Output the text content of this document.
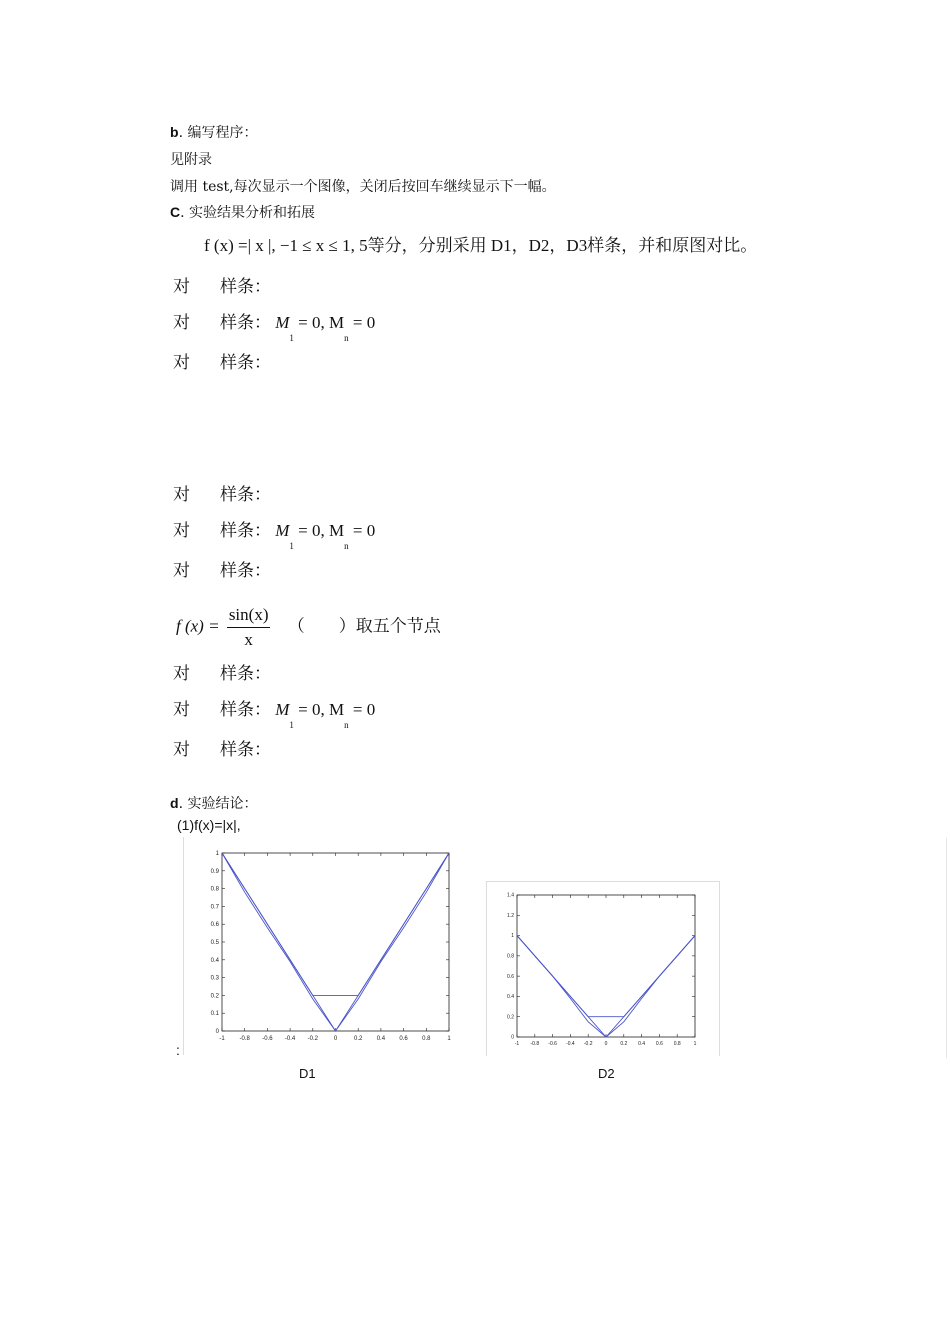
b. 编写程序：
见附录
调用 test,每次显示一个图像，关闭后按回车继续显示下一幅。
C. 实验结果分析和拓展
f (x) =| x |, −1 ≤ x ≤ 1, 5等分，分别采用 D1，D2，D3样条，并和原图对比。
对 样条：
对 样条： $M_1 = 0$, $M_n = 0$
对 样条：
对 样条：
对 样条： $M_1 = 0$, $M_n = 0$
对 样条：
f $(x) = \frac{\sin(x)}{x}$ （　　）取五个节点
对 样条：
对 样条： $M_1 = 0$, $M_n = 0$
对 样条：
d. 实验结论：
(1)f(x)=|x|,
:
-1 -0.8 -0.6 -0.4 -0.2	0	0.2 0.4 0.6 0.8	1
0
0.1
0.2
0.3
0.4
0.5
0.6
0.7
0.8
0.9
1
D1
-1 -0.8 -0.6 -0.4 -0.2 0	0.2 0.4 0.6 0.8	1
0
0.2
0.4
0.6
0.8
1
1.2
1.4
D2
